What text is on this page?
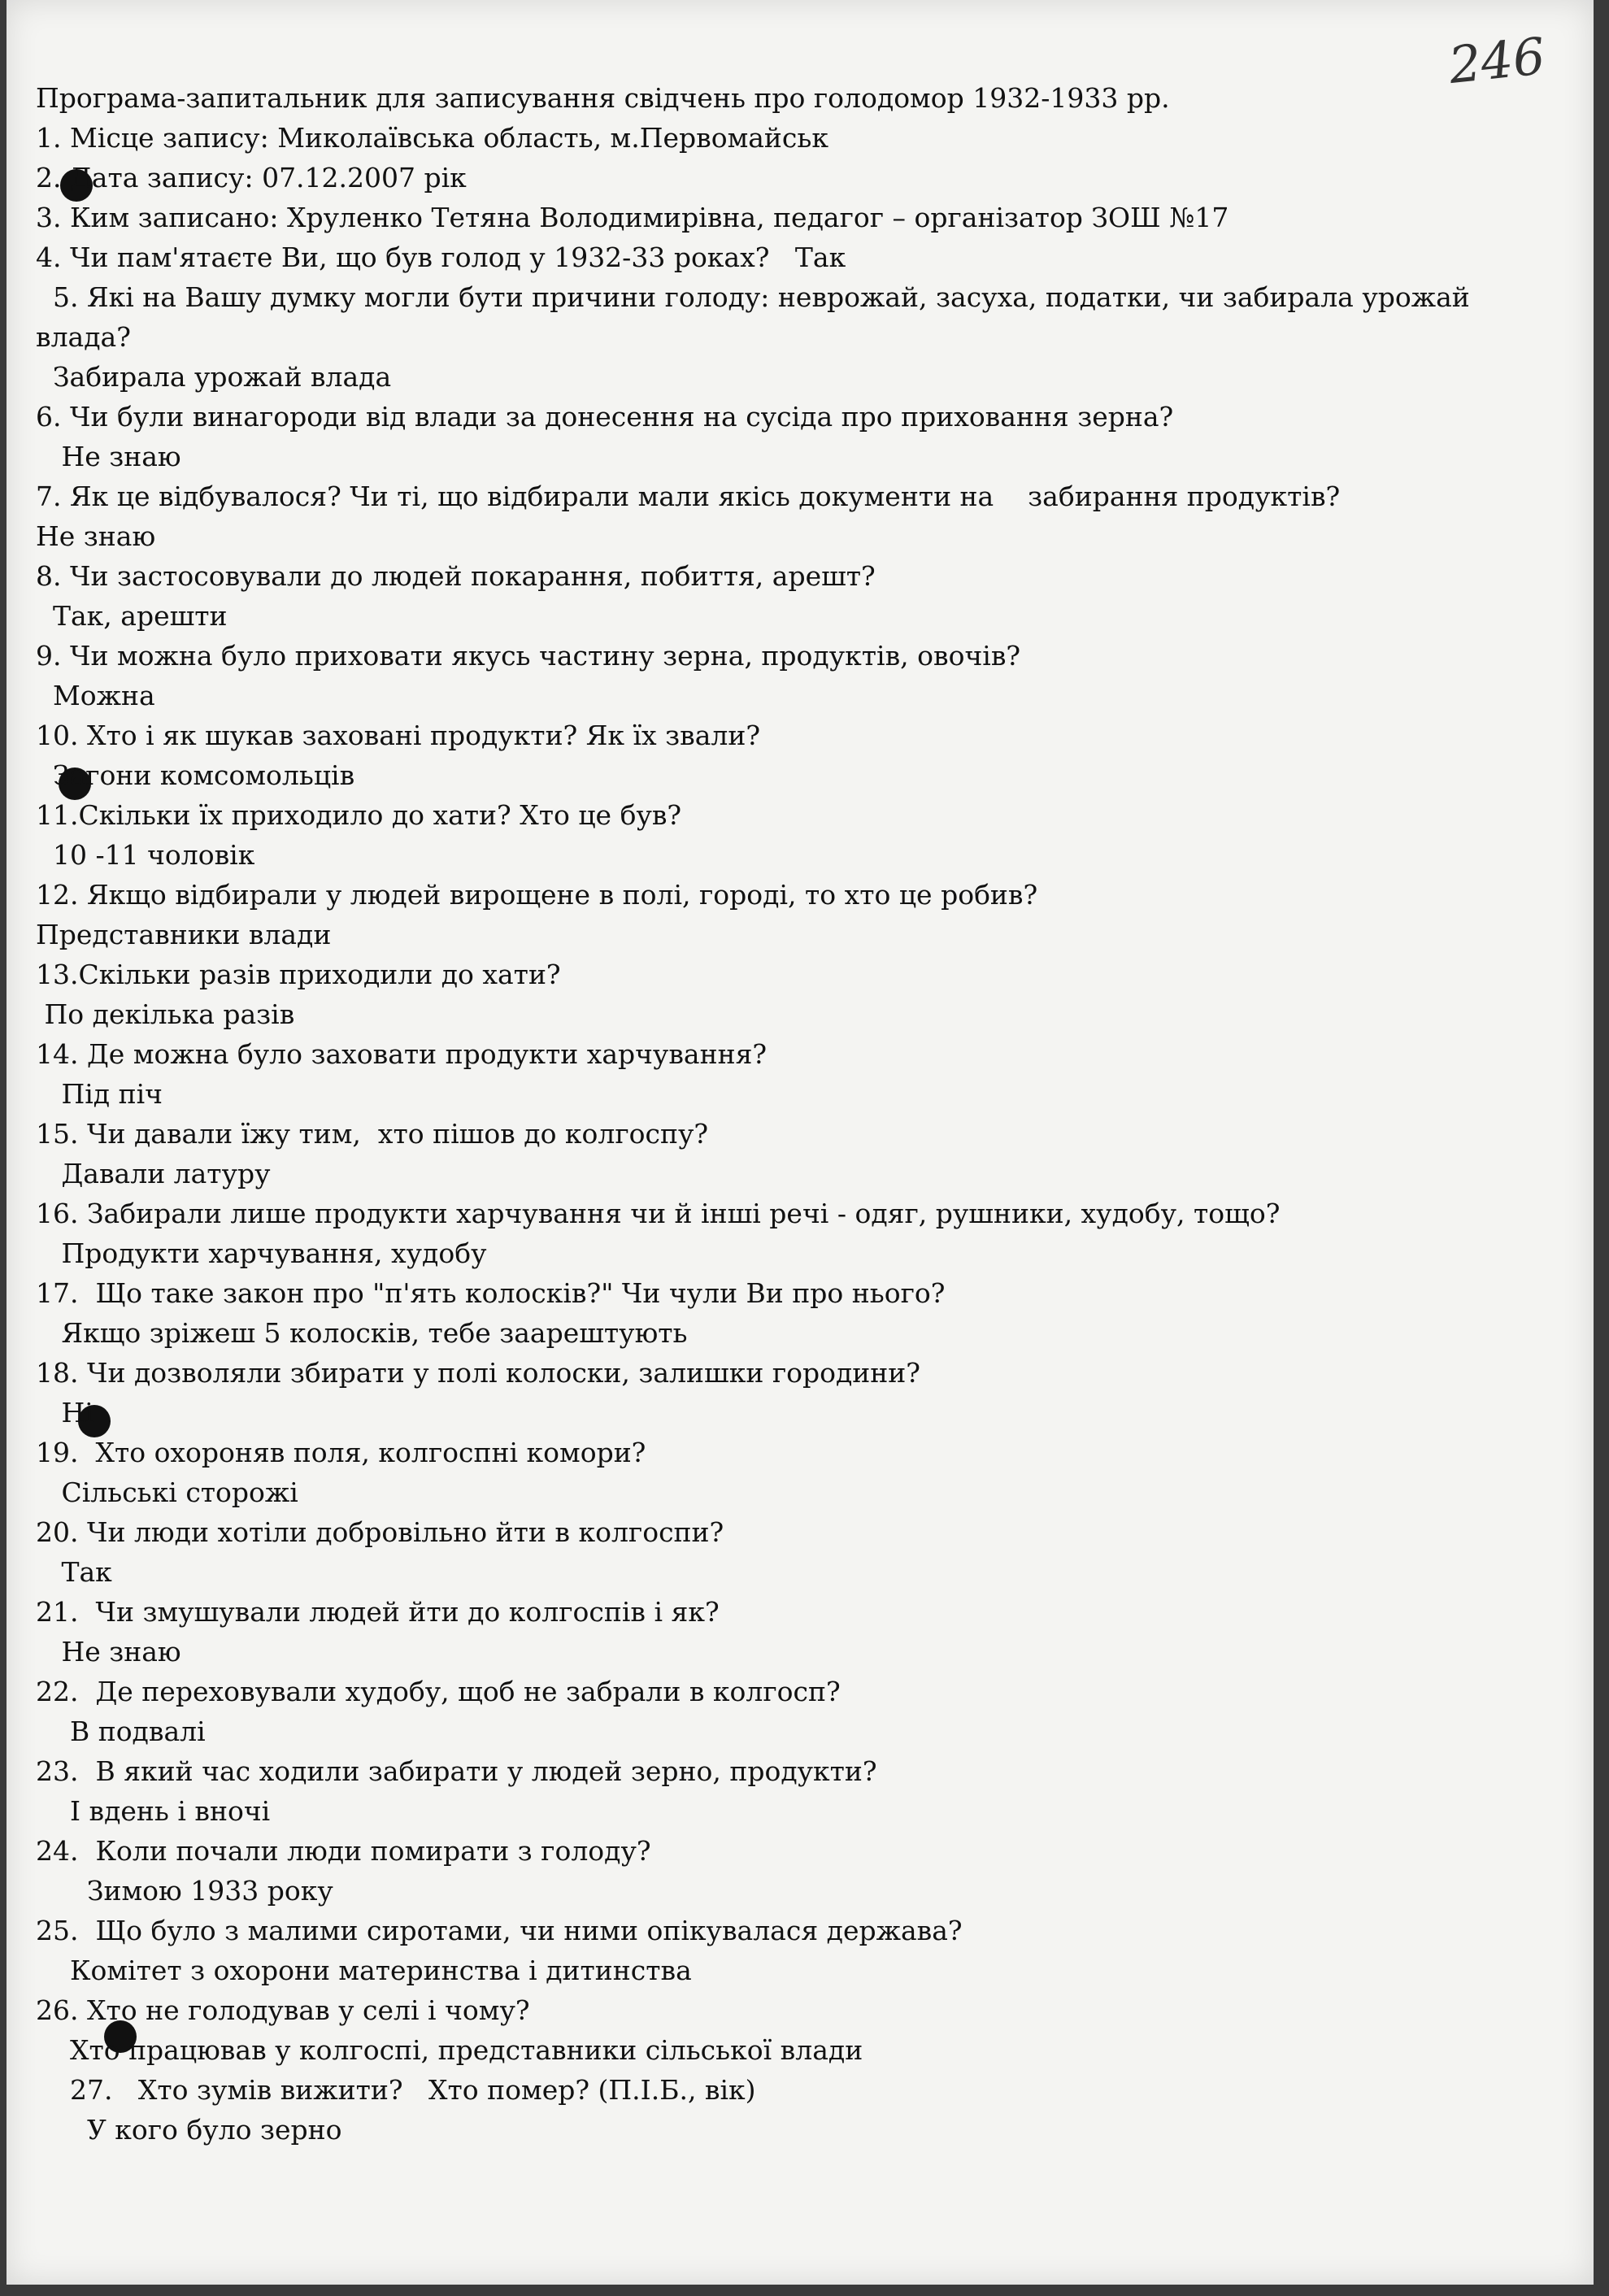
246
Програма-запитальник для записування свідчень про голодомор 1932-1933 рр.
1. Місце запису: Миколаївська область, м.Первомайськ
2. Дата запису: 07.12.2007 рік
3. Ким записано: Хруленко Тетяна Володимирівна, педагог – організатор ЗОШ №17
4. Чи пам'ятаєте Ви, що був голод у 1932-33 роках?   Так
5. Які на Вашу думку могли бути причини голоду: неврожай, засуха, податки, чи забирала урожай
влада?
Забирала урожай влада
6. Чи були винагороди від влади за донесення на сусіда про приховання зерна?
Не знаю
7. Як це відбувалося? Чи ті, що відбирали мали якісь документи на    забирання продуктів?
Не знаю
8. Чи застосовували до людей покарання, побиття, арешт?
Так, арешти
9. Чи можна було приховати якусь частину зерна, продуктів, овочів?
Можна
10. Хто і як шукав заховані продукти? Як їх звали?
Загони комсомольців
11.Скільки їх приходило до хати? Хто це був?
10 -11 чоловік
12. Якщо відбирали у людей вирощене в полі, городі, то хто це робив?
Представники влади
13.Скільки разів приходили до хати?
По декілька разів
14. Де можна було заховати продукти харчування?
Під піч
15. Чи давали їжу тим,  хто пішов до колгоспу?
Давали латуру
16. Забирали лише продукти харчування чи й інші речі - одяг, рушники, худобу, тощо?
Продукти харчування, худобу
17.  Що таке закон про "п'ять колосків?" Чи чули Ви про нього?
Якщо зріжеш 5 колосків, тебе заарештують
18. Чи дозволяли збирати у полі колоски, залишки городини?
Ні
19.  Хто охороняв поля, колгоспні комори?
Сільські сторожі
20. Чи люди хотіли добровільно йти в колгоспи?
Так
21.  Чи змушували людей йти до колгоспів і як?
Не знаю
22.  Де переховували худобу, щоб не забрали в колгосп?
В подвалі
23.  В який час ходили забирати у людей зерно, продукти?
І вдень і вночі
24.  Коли почали люди помирати з голоду?
Зимою 1933 року
25.  Що було з малими сиротами, чи ними опікувалася держава?
Комітет з охорони материнства і дитинства
26. Хто не голодував у селі і чому?
Хто працював у колгоспі, представники сільської влади
27.   Хто зумів вижити?   Хто помер? (П.І.Б., вік)
У кого було зерно
